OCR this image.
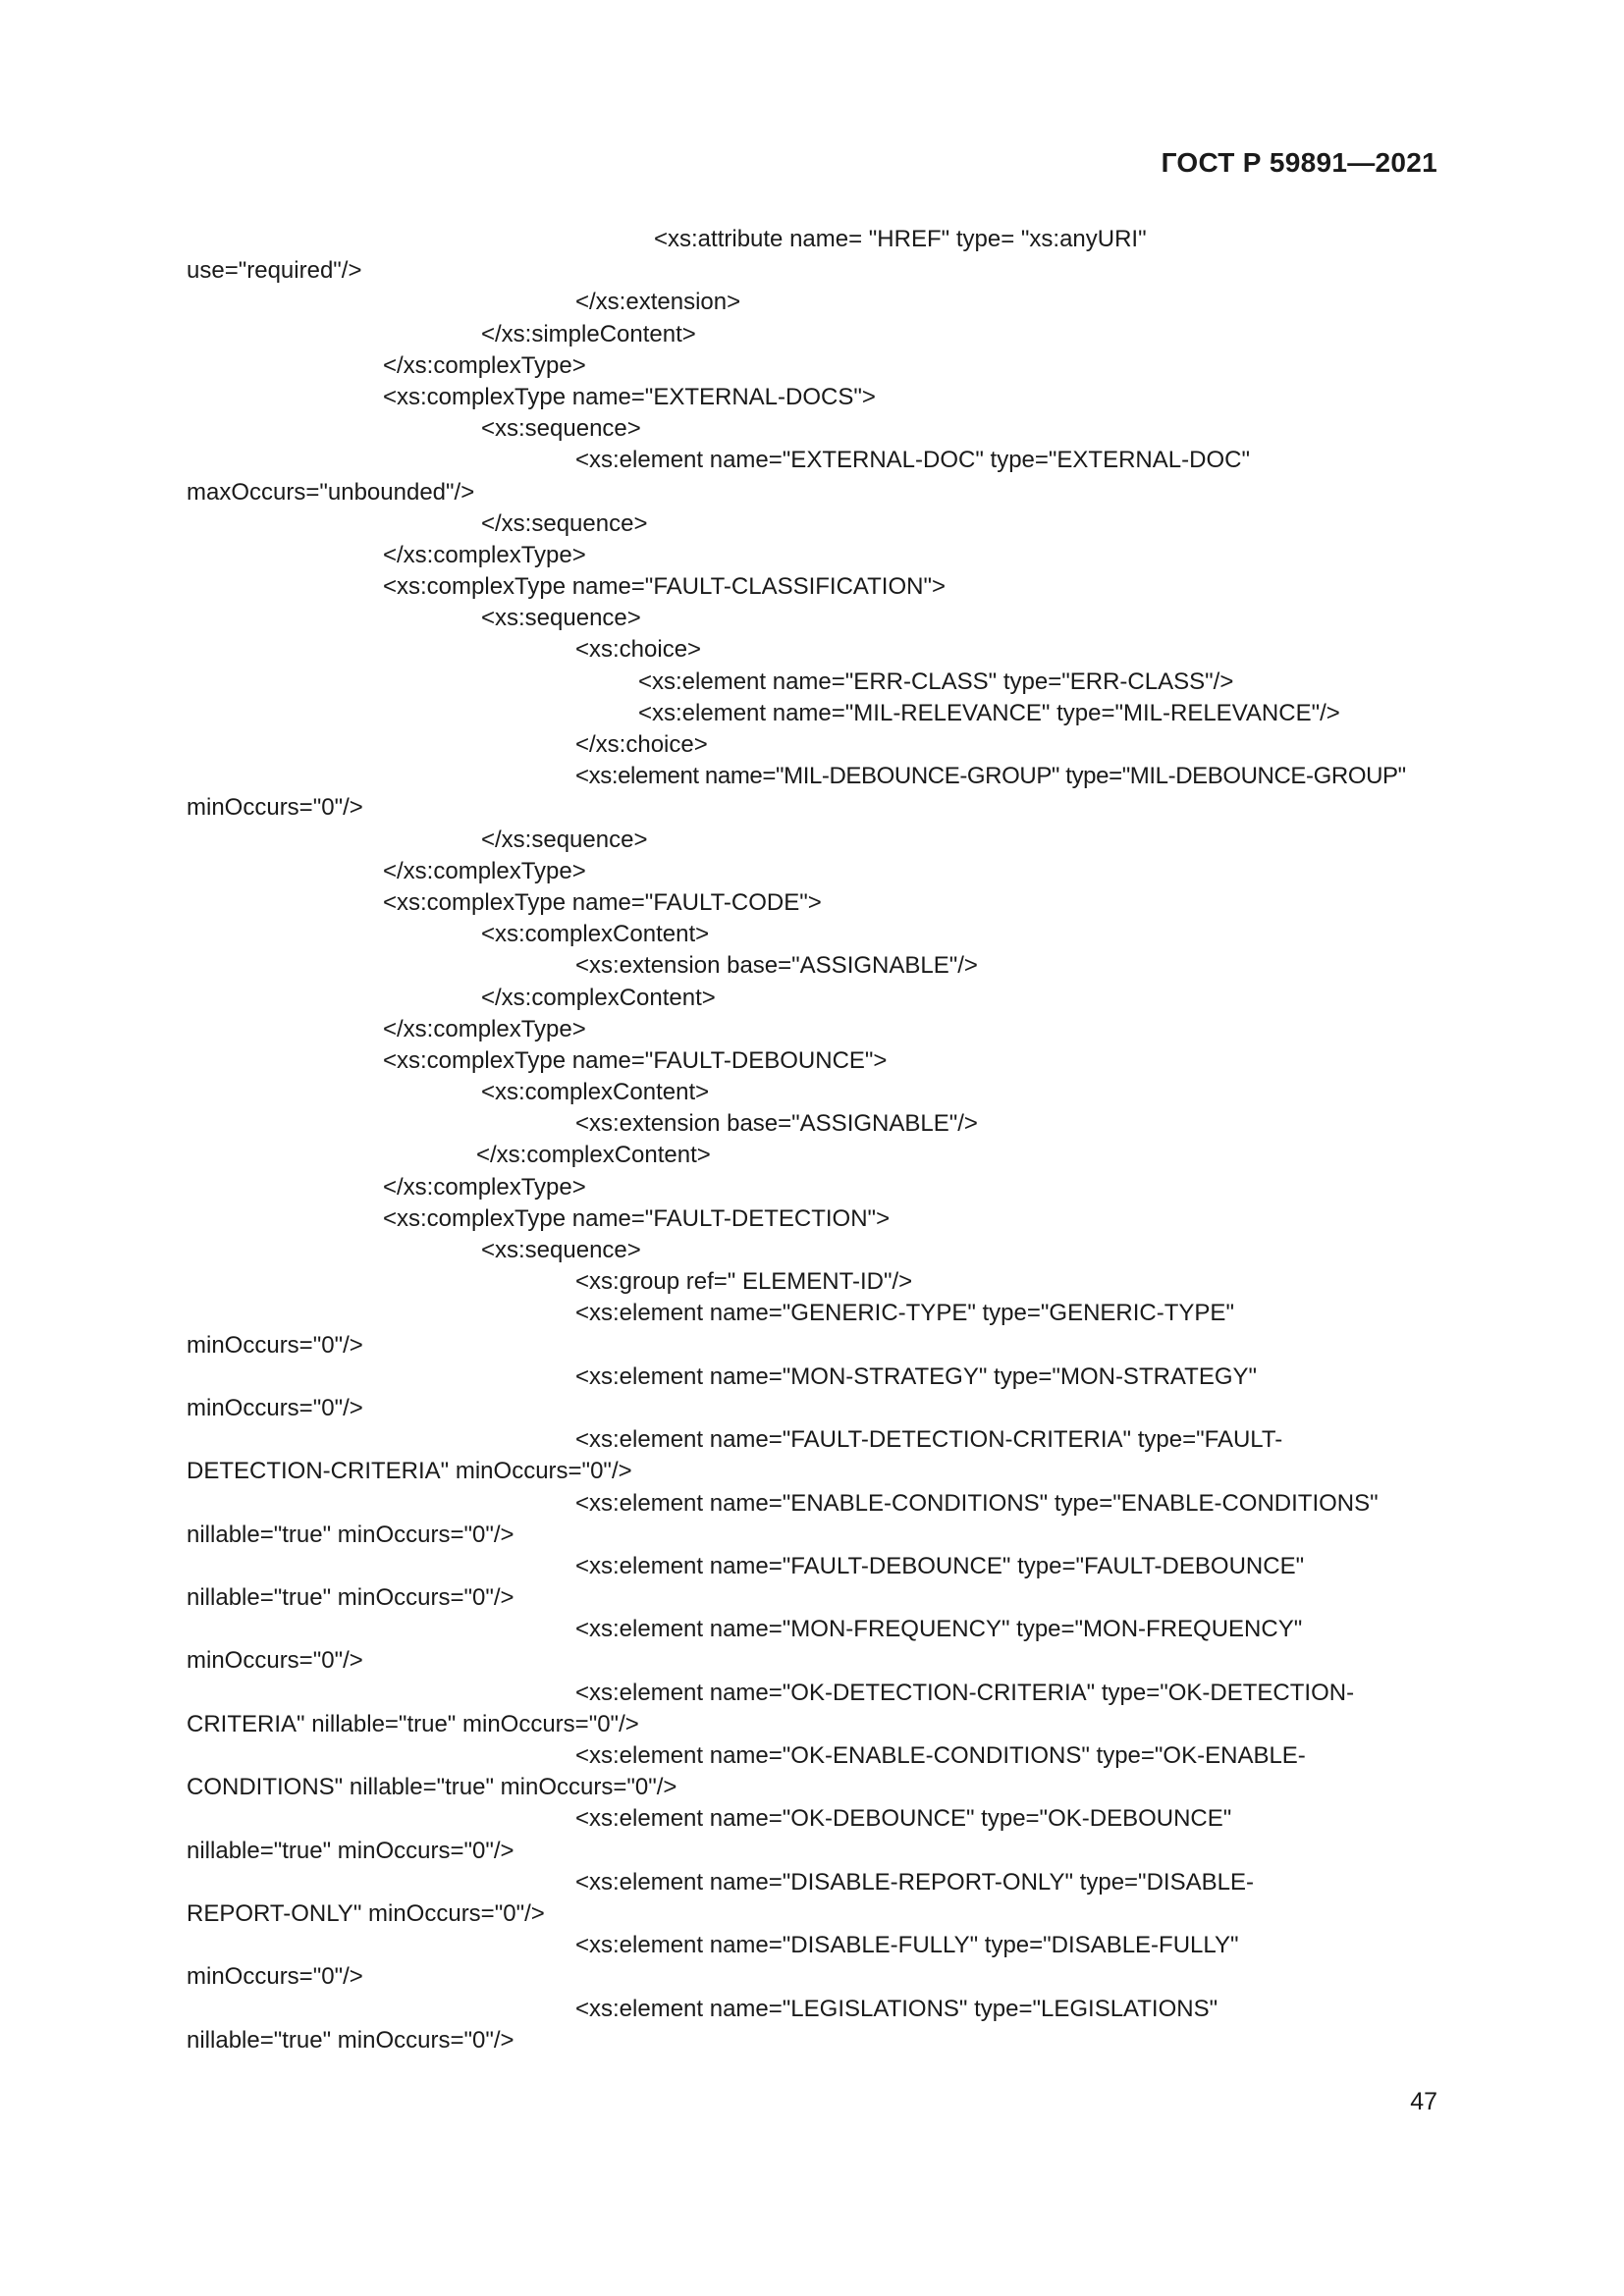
ГОСТ Р 59891—2021
<xs:attribute name= "HREF" type= "xs:anyURI"
use="required"/>
</xs:extension>
</xs:simpleContent>
</xs:complexType>
<xs:complexType name="EXTERNAL-DOCS">
<xs:sequence>
<xs:element name="EXTERNAL-DOC" type="EXTERNAL-DOC"
maxOccurs="unbounded"/>
</xs:sequence>
</xs:complexType>
<xs:complexType name="FAULT-CLASSIFICATION">
<xs:sequence>
<xs:choice>
<xs:element name="ERR-CLASS" type="ERR-CLASS"/>
<xs:element name="MIL-RELEVANCE" type="MIL-RELEVANCE"/>
</xs:choice>
<xs:element name="MIL-DEBOUNCE-GROUP" type="MIL-DEBOUNCE-GROUP"
minOccurs="0"/>
</xs:sequence>
</xs:complexType>
<xs:complexType name="FAULT-CODE">
<xs:complexContent>
<xs:extension base="ASSIGNABLE"/>
</xs:complexContent>
</xs:complexType>
<xs:complexType name="FAULT-DEBOUNCE">
<xs:complexContent>
<xs:extension base="ASSIGNABLE"/>
</xs:complexContent>
</xs:complexType>
<xs:complexType name="FAULT-DETECTION">
<xs:sequence>
<xs:group ref=" ELEMENT-ID"/>
<xs:element name="GENERIC-TYPE" type="GENERIC-TYPE"
minOccurs="0"/>
<xs:element name="MON-STRATEGY" type="MON-STRATEGY"
minOccurs="0"/>
<xs:element name="FAULT-DETECTION-CRITERIA" type="FAULT-
DETECTION-CRITERIA" minOccurs="0"/>
<xs:element name="ENABLE-CONDITIONS" type="ENABLE-CONDITIONS"
nillable="true" minOccurs="0"/>
<xs:element name="FAULT-DEBOUNCE" type="FAULT-DEBOUNCE"
nillable="true" minOccurs="0"/>
<xs:element name="MON-FREQUENCY" type="MON-FREQUENCY"
minOccurs="0"/>
<xs:element name="OK-DETECTION-CRITERIA" type="OK-DETECTION-
CRITERIA" nillable="true" minOccurs="0"/>
<xs:element name="OK-ENABLE-CONDITIONS" type="OK-ENABLE-
CONDITIONS" nillable="true" minOccurs="0"/>
<xs:element name="OK-DEBOUNCE" type="OK-DEBOUNCE"
nillable="true" minOccurs="0"/>
<xs:element name="DISABLE-REPORT-ONLY" type="DISABLE-
REPORT-ONLY" minOccurs="0"/>
<xs:element name="DISABLE-FULLY" type="DISABLE-FULLY"
minOccurs="0"/>
<xs:element name="LEGISLATIONS" type="LEGISLATIONS"
nillable="true" minOccurs="0"/>
47
